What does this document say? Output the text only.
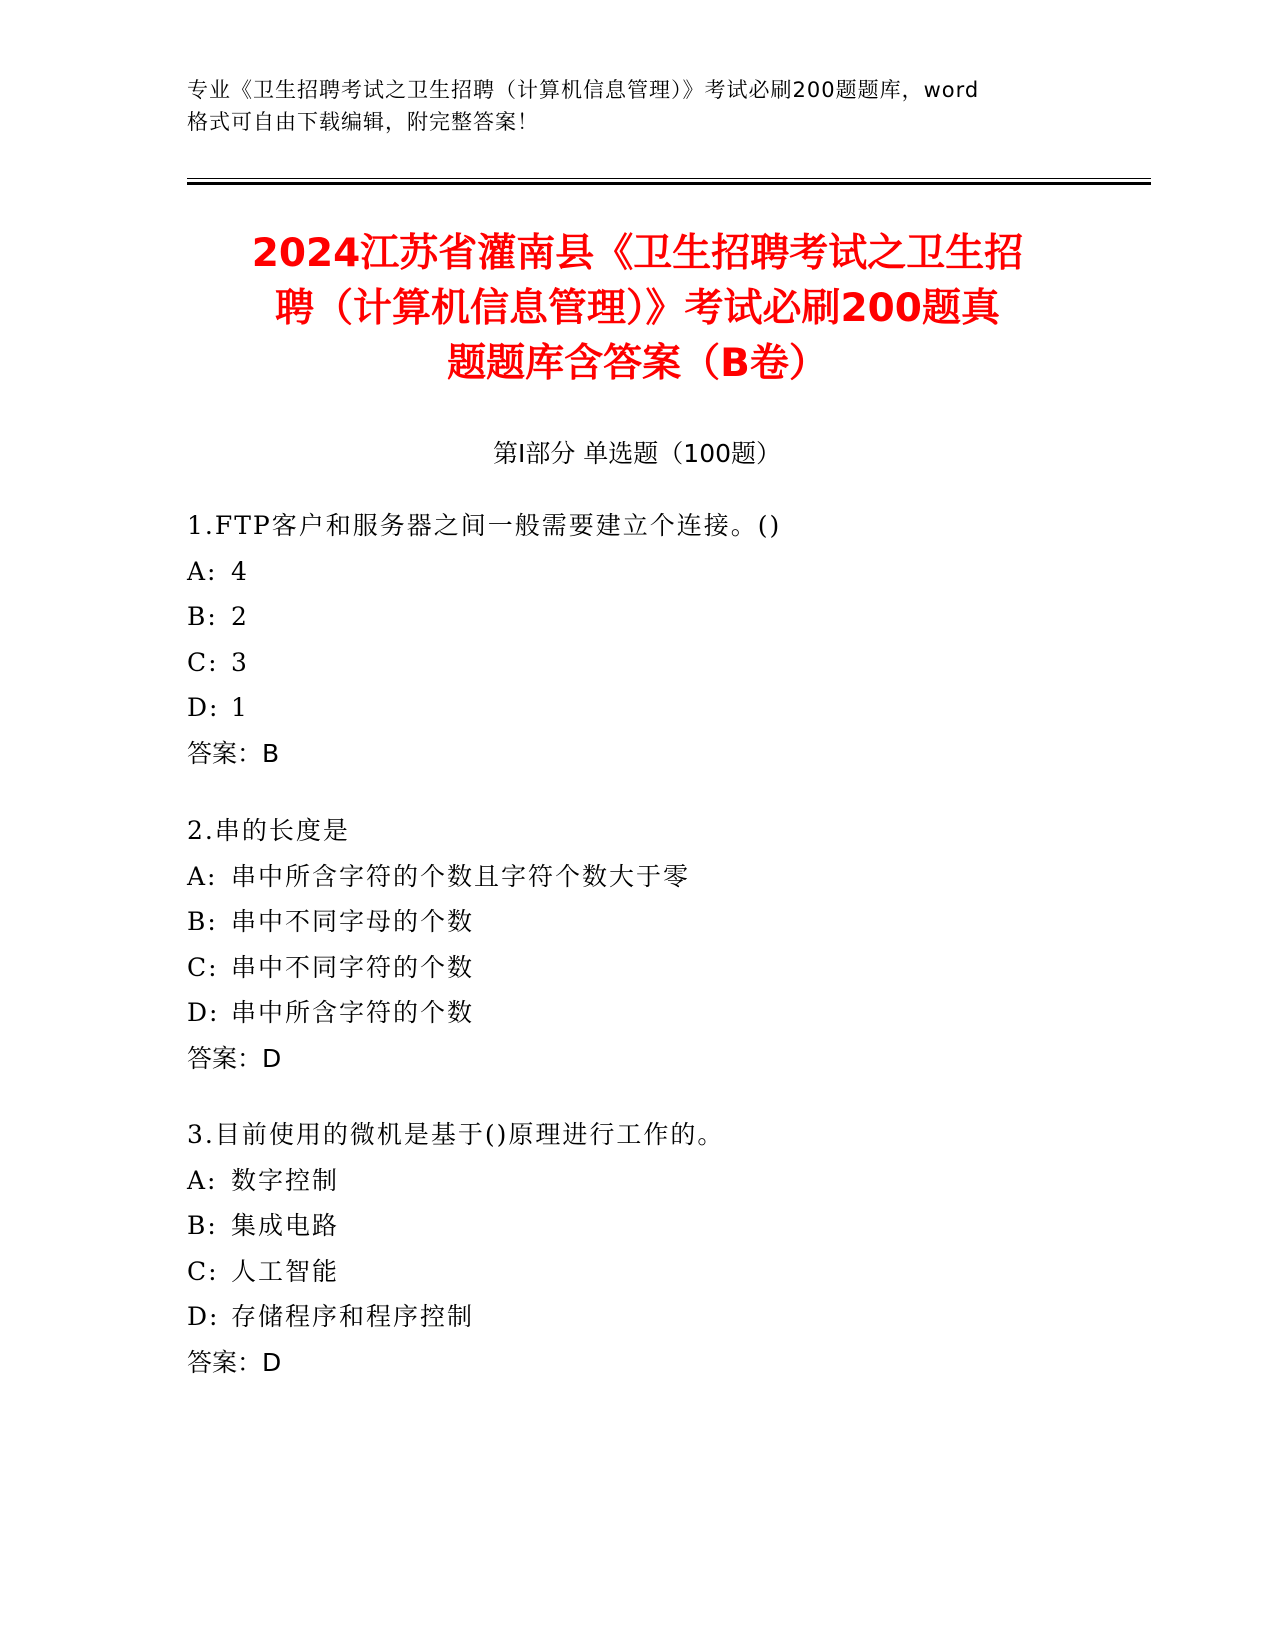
专业《卫生招聘考试之卫生招聘（计算机信息管理）》考试必刷200题题库，word
格式可自由下载编辑，附完整答案！
2024江苏省灌南县《卫生招聘考试之卫生招
聘（计算机信息管理）》考试必刷200题真
题题库含答案（B卷）
第Ⅰ部分 单选题（100题）
1.FTP客户和服务器之间一般需要建立个连接。()
A: 4
B: 2
C: 3
D: 1
答案：B
2.串的长度是
A: 串中所含字符的个数且字符个数大于零
B: 串中不同字母的个数
C: 串中不同字符的个数
D: 串中所含字符的个数
答案：D
3.目前使用的微机是基于()原理进行工作的。
A: 数字控制
B: 集成电路
C: 人工智能
D: 存储程序和程序控制
答案：D
